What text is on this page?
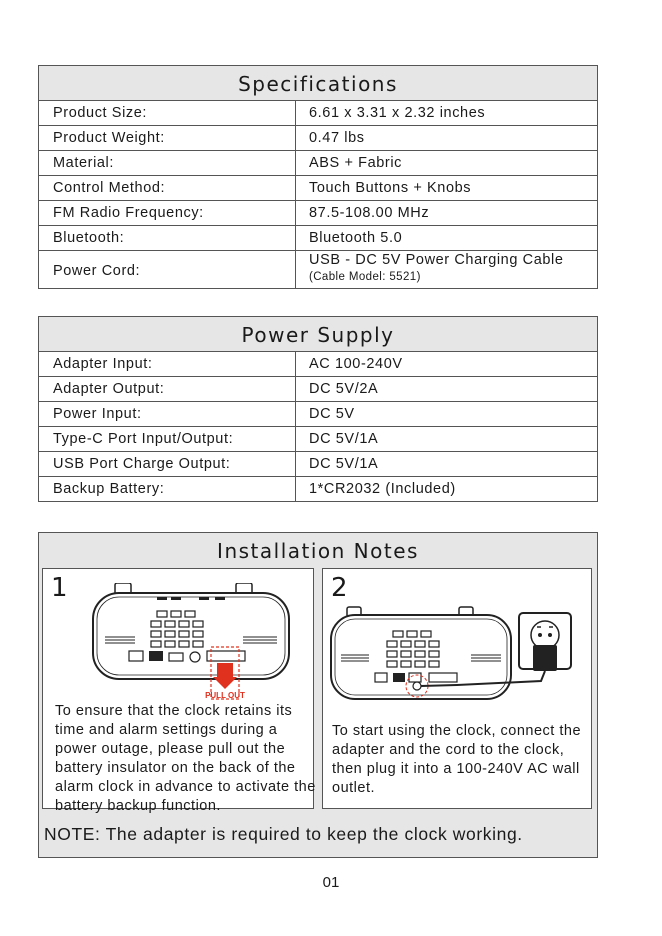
Specifications
Product Size:	6.61 x 3.31 x 2.32 inches
Product Weight:	0.47 lbs
Material:	ABS + Fabric
Control Method:	Touch Buttons + Knobs
FM Radio Frequency:	87.5-108.00 MHz
Bluetooth:	Bluetooth 5.0
Power Cord:
USB - DC 5V Power Charging Cable
(Cable Model: 5521)
Power Supply
Adapter Input:	AC 100-240V
Adapter Output:	DC 5V/2A
Power Input:	DC 5V
Type-C Port Input/Output:	DC 5V/1A
USB Port Charge Output:	DC 5V/1A
Backup Battery:	1*CR2032 (Included)
Installation Notes
1
PULL OUT
To ensure that the clock retains its time and alarm settings during a power outage, please pull out the battery insulator on the back of the alarm clock in advance to activate the battery backup function.
2
To start using the clock, connect the adapter and the cord to the clock, then plug it into a 100-240V AC wall outlet.
NOTE: The adapter is required to keep the clock working.
01
